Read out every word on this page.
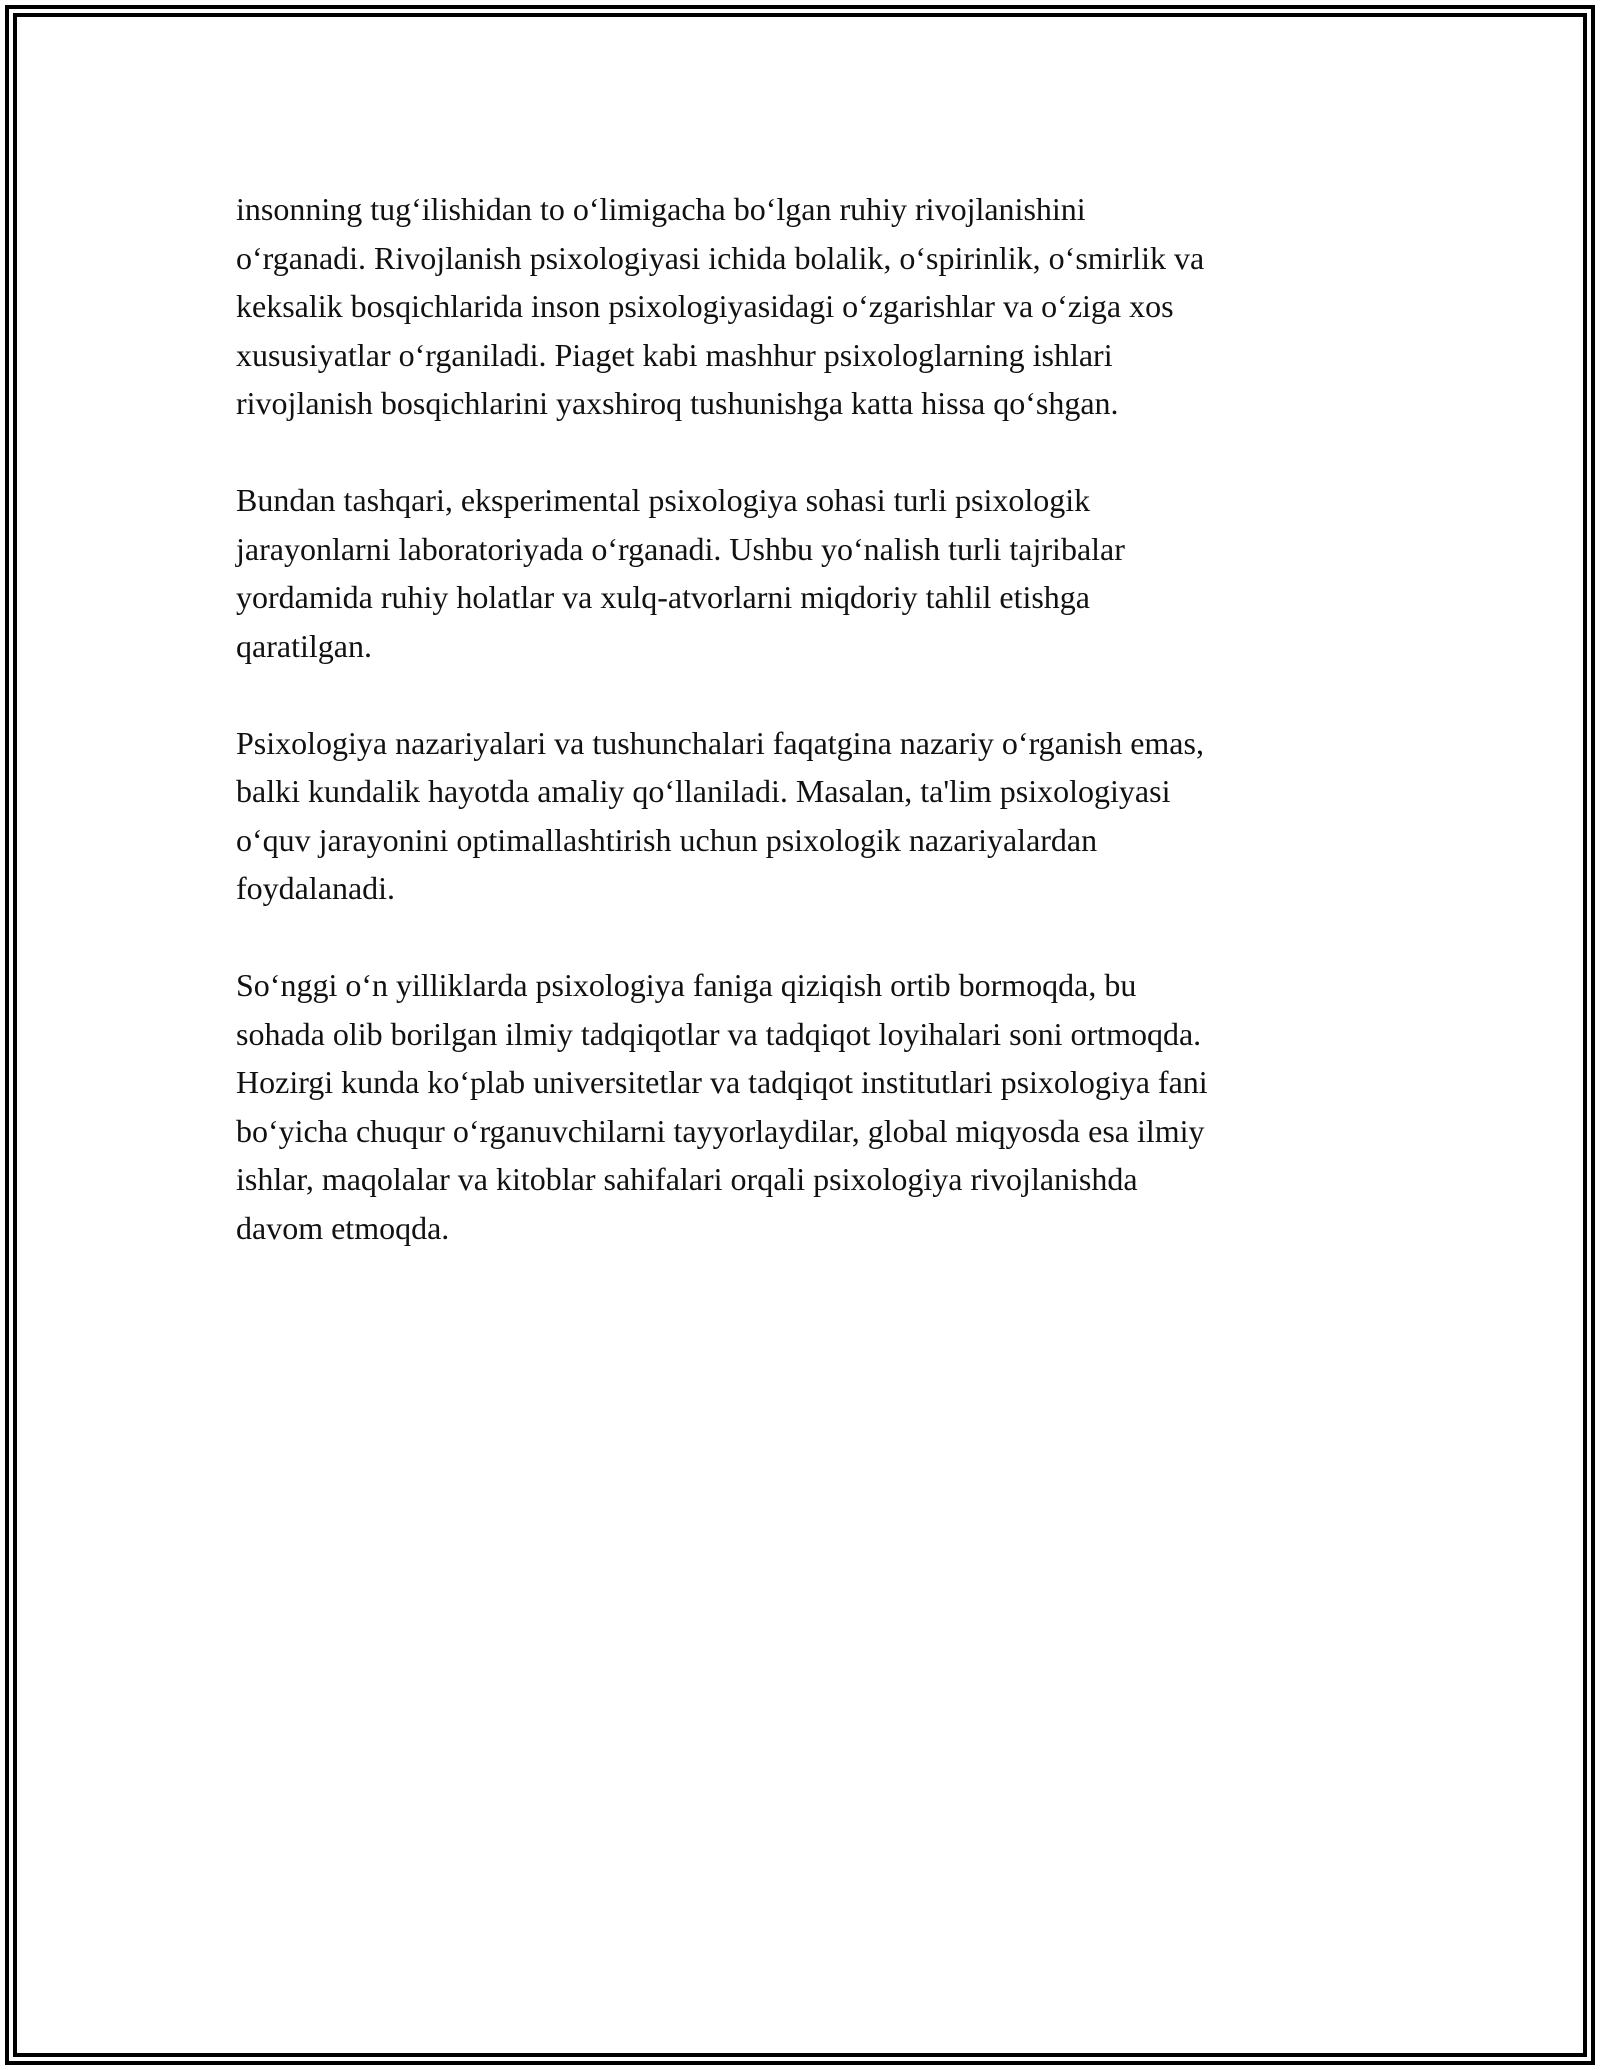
insonning tug‘ilishidan to o‘limigacha bo‘lgan ruhiy rivojlanishini
o‘rganadi. Rivojlanish psixologiyasi ichida bolalik, o‘spirinlik, o‘smirlik va
keksalik bosqichlarida inson psixologiyasidagi o‘zgarishlar va o‘ziga xos
xususiyatlar o‘rganiladi. Piaget kabi mashhur psixologlarning ishlari
rivojlanish bosqichlarini yaxshiroq tushunishga katta hissa qo‘shgan.

Bundan tashqari, eksperimental psixologiya sohasi turli psixologik
jarayonlarni laboratoriyada o‘rganadi. Ushbu yo‘nalish turli tajribalar
yordamida ruhiy holatlar va xulq-atvorlarni miqdoriy tahlil etishga
qaratilgan.

Psixologiya nazariyalari va tushunchalari faqatgina nazariy o‘rganish emas,
balki kundalik hayotda amaliy qo‘llaniladi. Masalan, ta'lim psixologiyasi
o‘quv jarayonini optimallashtirish uchun psixologik nazariyalardan
foydalanadi.

So‘nggi o‘n yilliklarda psixologiya faniga qiziqish ortib bormoqda, bu
sohada olib borilgan ilmiy tadqiqotlar va tadqiqot loyihalari soni ortmoqda.
Hozirgi kunda ko‘plab universitetlar va tadqiqot institutlari psixologiya fani
bo‘yicha chuqur o‘rganuvchilarni tayyorlaydilar, global miqyosda esa ilmiy
ishlar, maqolalar va kitoblar sahifalari orqali psixologiya rivojlanishda
davom etmoqda.
